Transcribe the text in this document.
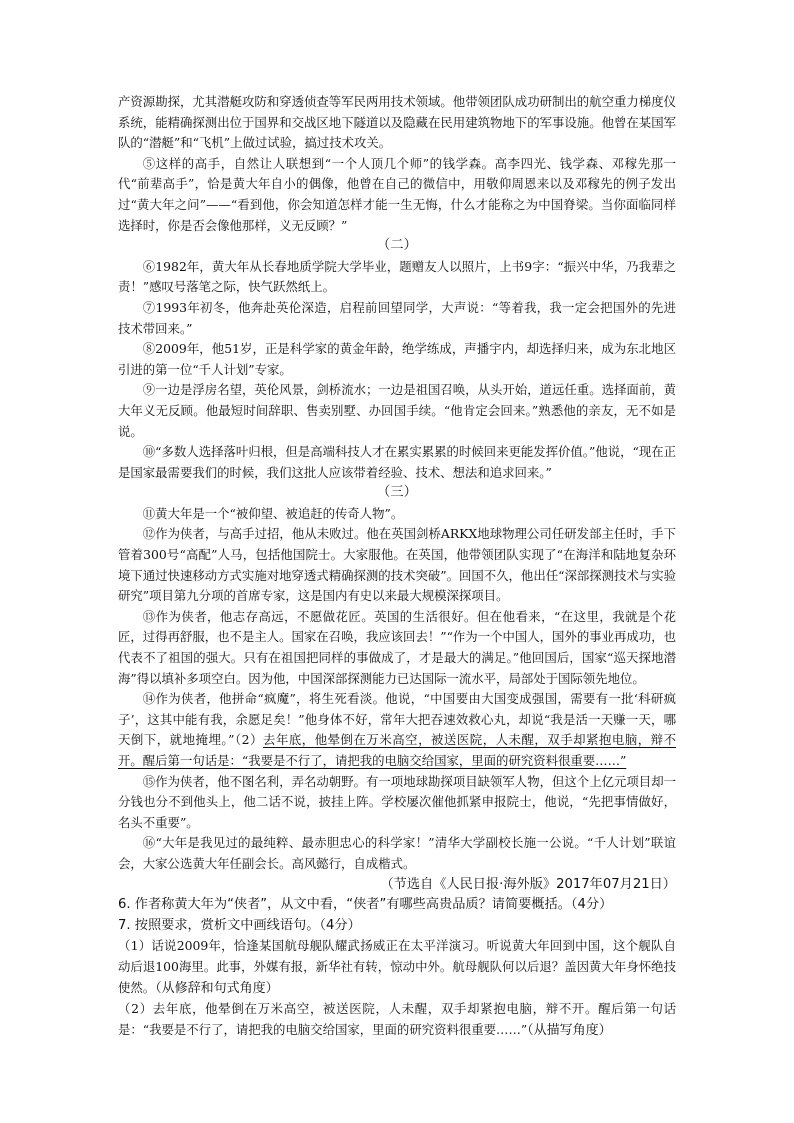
产资源勘探，尤其潜艇攻防和穿透侦查等军民两用技术领域。他带领团队成功研制出的航空重力梯度仪系统，能精确探测出位于国界和交战区地下隧道以及隐藏在民用建筑物地下的军事设施。他曾在某国军队的“潜艇”和“飞机”上做过试验，搞过技术攻关。

⑤这样的高手，自然让人联想到“一个人顶几个师”的钱学森。高李四光、钱学森、邓稼先那一代“前辈高手”，恰是黄大年自小的偶像，他曾在自己的微信中，用敬仰周恩来以及邓稼先的例子发出过“黄大年之问”——“看到他，你会知道怎样才能一生无悔，什么才能称之为中国脊梁。当你面临同样选择时，你是否会像他那样，义无反顾？”

（二）

⑥1982年，黄大年从长春地质学院大学毕业，题赠友人以照片，上书9字：“振兴中华，乃我辈之责！”感叹号落笔之际，快气跃然纸上。

⑦1993年初冬，他奔赴英伦深造，启程前回望同学，大声说：“等着我，我一定会把国外的先进技术带回来。”

⑧2009年，他51岁，正是科学家的黄金年龄，绝学练成，声播宇内，却选择归来，成为东北地区引进的第一位“千人计划”专家。

⑨一边是浮房名望，英伦风景，剑桥流水；一边是祖国召唤，从头开始，道远任重。选择面前，黄大年义无反顾。他最短时间辞职、售卖别墅、办回国手续。“他肯定会回来。”熟悉他的亲友，无不如是说。

⑩“多数人选择落叶归根，但是高端科技人才在累实累累的时候回来更能发挥价值。”他说，“现在正是国家最需要我们的时候，我们这批人应该带着经验、技术、想法和追求回来。”

（三）

⑪黄大年是一个“被仰望、被追赶的传奇人物”。

⑫作为侠者，与高手过招，他从未败过。他在英国剑桥ARKX地球物理公司任研发部主任时，手下管着300号“高配”人马，包括他国院士。大家服他。在英国，他带领团队实现了“在海洋和陆地复杂环境下通过快速移动方式实施对地穿透式精确探测的技术突破”。回国不久，他出任“深部探测技术与实验研究”项目第九分项的首席专家，这是国内有史以来最大规模深探项目。

⑬作为侠者，他志存高远，不愿做花匠。英国的生活很好。但在他看来，“在这里，我就是个花匠，过得再舒服，也不是主人。国家在召唤，我应该回去！”“作为一个中国人，国外的事业再成功，也代表不了祖国的强大。只有在祖国把同样的事做成了，才是最大的满足。”他回国后，国家“巡天探地潜海”得以填补多项空白。因为他，中国深部探测能力已达国际一流水平，局部处于国际领先地位。

⑭作为侠者，他拼命“疯魔”，将生死看淡。他说，“中国要由大国变成强国，需要有一批‘科研疯子’，这其中能有我，余愿足矣！”他身体不好，常年大把吞速效救心丸，却说“我是活一天赚一天，哪天倒下，就地掩埋。”（2）去年底，他晕倒在万米高空，被送医院，人未醒，双手却紧抱电脑，辩不开。醒后第一句话是：“我要是不行了，请把我的电脑交给国家，里面的研究资料很重要……”

⑮作为侠者，他不图名利，弄名动朝野。有一项地球勘探项目缺领军人物，但这个上亿元项目却一分钱也分不到他头上，他二话不说，披挂上阵。学校屡次催他抓紧申报院士，他说，“先把事情做好，名头不重要”。

⑯“大年是我见过的最纯粹、最赤胆忠心的科学家！”清华大学副校长施一公说。“千人计划”联谊会，大家公选黄大年任副会长。高风懿行，自成楷式。

（节选自《人民日报·海外版》2017年07月21日）

6. 作者称黄大年为“侠者”，从文中看，“侠者”有哪些高贵品质？请简要概括。（4分）

7. 按照要求，赏析文中画线语句。（4分）

（1）话说2009年，恰逢某国航母舰队耀武扬威正在太平洋演习。听说黄大年回到中国，这个舰队自动后退100海里。此事，外媒有报，新华社有转，惊动中外。航母舰队何以后退？盖因黄大年身怀绝技使然。（从修辞和句式角度）

（2）去年底，他晕倒在万米高空，被送医院，人未醒，双手却紧抱电脑，辩不开。醒后第一句话是：“我要是不行了，请把我的电脑交给国家，里面的研究资料很重要……”（从描写角度）
